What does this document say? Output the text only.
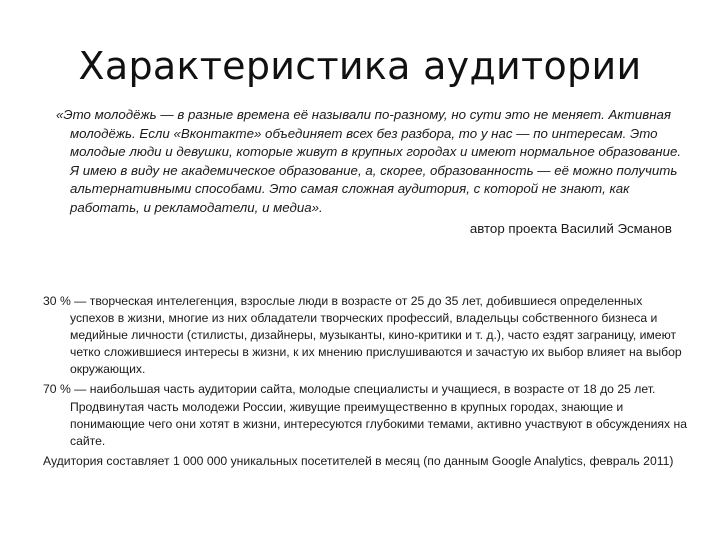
Характеристика аудитории

«Это молодёжь — в разные времена её называли по-разному, но сути это не меняет. Активная молодёжь. Если «Вконтакте» объединяет всех без разбора, то у нас — по интересам. Это молодые люди и девушки, которые живут в крупных городах и имеют нормальное образование. Я имею в виду не академическое образование, а, скорее, образованность — её можно получить альтернативными способами. Это самая сложная аудитория, с которой не знают, как работать, и рекламодатели, и медиа».

автор проекта Василий Эсманов

30 % — творческая интелегенция, взрослые люди в возрасте от 25 до 35 лет, добившиеся определенных успехов в жизни, многие из них обладатели творческих профессий, владельцы собственного бизнеса и медийные личности (стилисты, дизайнеры, музыканты, кино-критики и т. д.), часто ездят заграницу, имеют четко сложившиеся интересы в жизни, к их мнению прислушиваются и зачастую их выбор влияет на выбор окружающих.

70 % — наибольшая часть аудитории сайта, молодые специалисты и учащиеся, в возрасте от 18 до 25 лет. Продвинутая часть молодежи России, живущие преимущественно в крупных городах, знающие и понимающие чего они хотят в жизни, интересуются глубокими темами, активно участвуют в обсуждениях на сайте.

Аудитория составляет 1 000 000 уникальных посетителей в месяц (по данным Google Analytics, февраль 2011)
